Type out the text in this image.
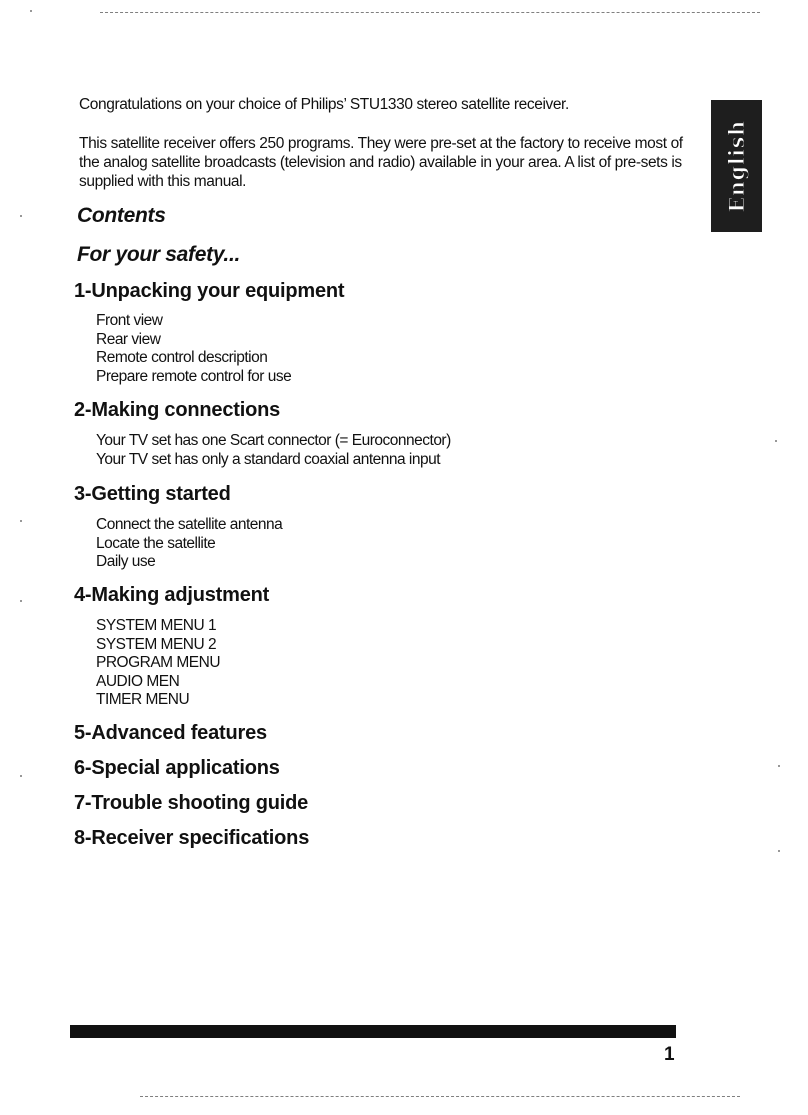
Congratulations on your choice of Philips’ STU1330 stereo satellite receiver.

This satellite receiver offers 250 programs. They were pre-set at the factory to receive most of the analog satellite broadcasts (television and radio) available in your area. A list of pre-sets is supplied with this manual.	English
Contents
For your safety...
1-Unpacking your equipment
Front view
Rear view
Remote control description
Prepare remote control for use
2-Making connections
Your TV set has one Scart connector (= Euroconnector)
Your TV set has only a standard coaxial antenna input
3-Getting started
Connect the satellite antenna
Locate the satellite
Daily use
4-Making adjustment
SYSTEM MENU 1
SYSTEM MENU 2
PROGRAM MENU
AUDIO MEN
TIMER MENU
5-Advanced features
6-Special applications
7-Trouble shooting guide
8-Receiver specifications
1
